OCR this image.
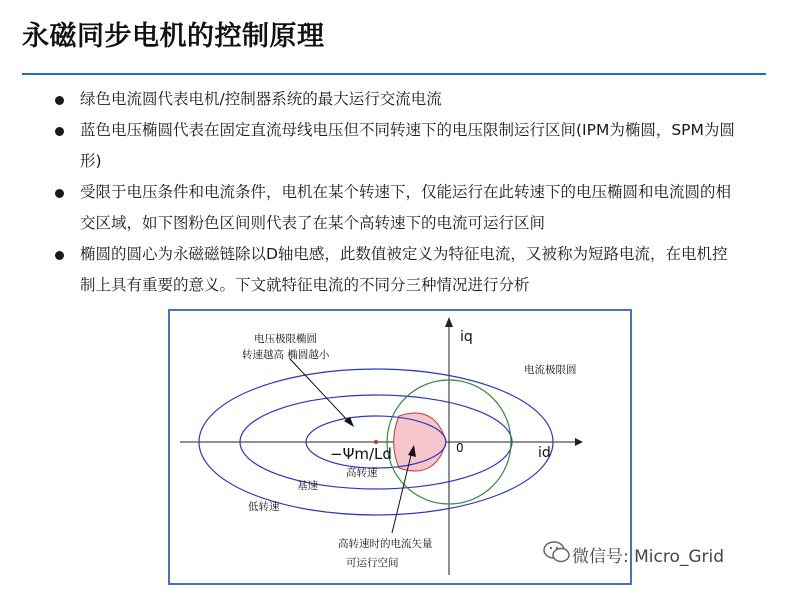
永磁同步电机的控制原理
绿色电流圆代表电机/控制器系统的最大运行交流电流
蓝色电压椭圆代表在固定直流母线电压但不同转速下的电压限制运行区间(IPM为椭圆，SPM为圆形)
受限于电压条件和电流条件，电机在某个转速下，仅能运行在此转速下的电压椭圆和电流圆的相交区域，如下图粉色区间则代表了在某个高转速下的电流可运行区间
椭圆的圆心为永磁磁链除以D轴电感，此数值被定义为特征电流，又被称为短路电流，在电机控制上具有重要的意义。下文就特征电流的不同分三种情况进行分析
电压极限椭圆
转速越高 椭圆越小
电流极限圆
iq
id
0
−Ψm/Ld
高转速
基速
低转速
高转速时的电流矢量
可运行空间	微信号: Micro_Grid
